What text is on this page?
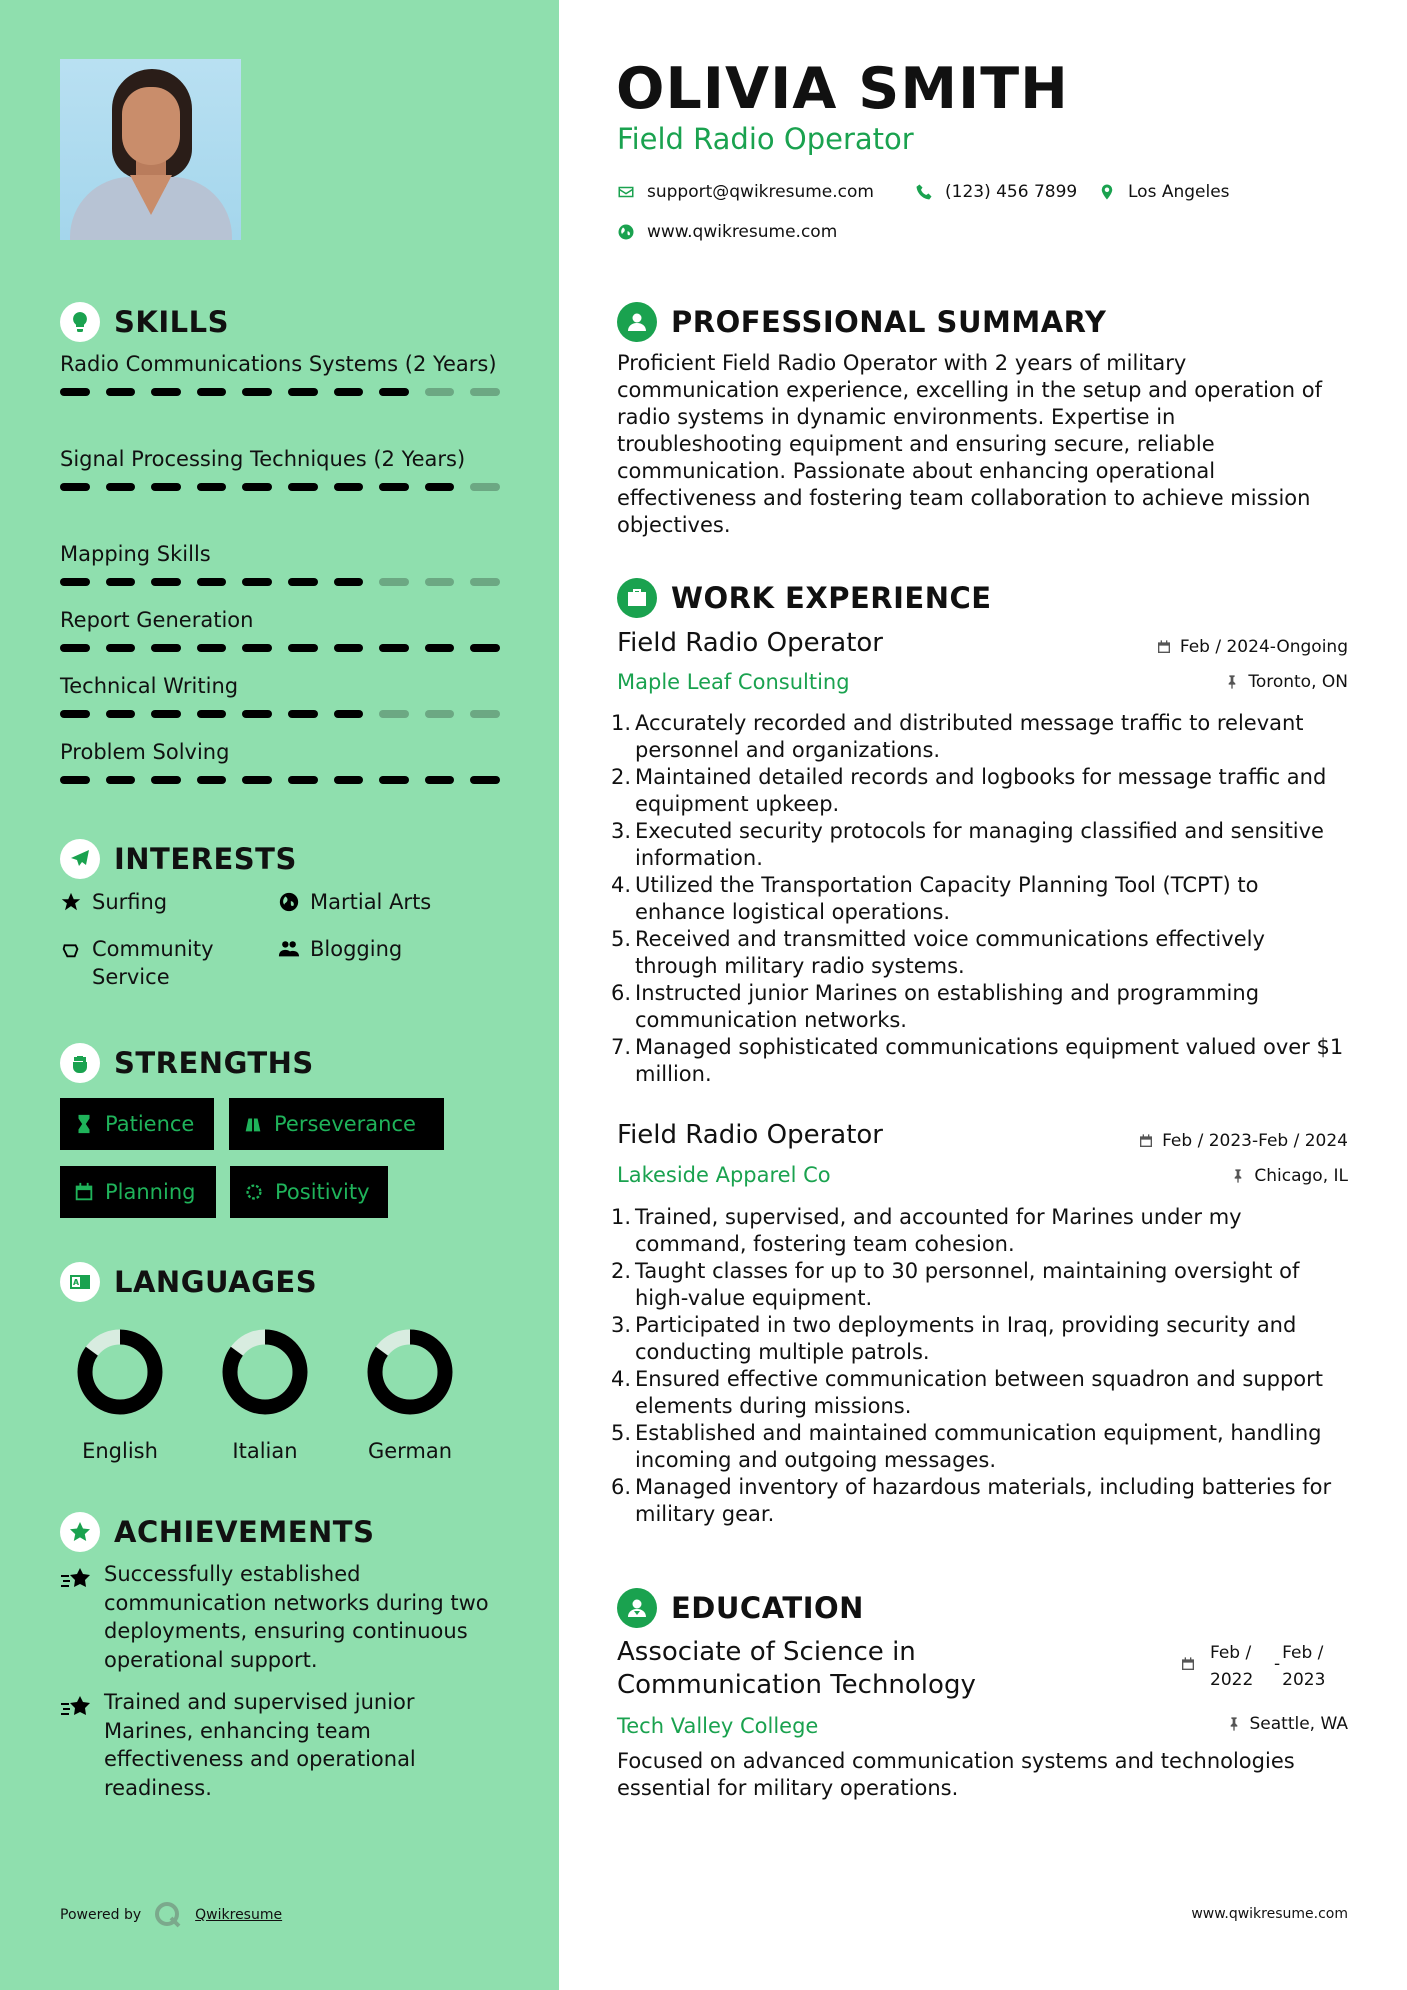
SKILLS
Radio Communications Systems (2 Years)
Signal Processing Techniques (2 Years)
Mapping Skills
Report Generation
Technical Writing
Problem Solving
INTERESTS
Surfing	Martial Arts
Community Service
Blogging
STRENGTHS
Patience	Perseverance
Planning	Positivity
LANGUAGES
English	Italian	German
ACHIEVEMENTS

Successfully established communication networks during two deployments, ensuring continuous operational support.

Trained and supervised junior Marines, enhancing team effectiveness and operational readiness.

Powered by	Qwikresume
OLIVIA SMITH
Field Radio Operator
support@qwikresume.com	(123) 456 7899	Los Angeles
www.qwikresume.com
PROFESSIONAL SUMMARY

Proficient Field Radio Operator with 2 years of military communication experience, excelling in the setup and operation of radio systems in dynamic environments. Expertise in troubleshooting equipment and ensuring secure, reliable communication. Passionate about enhancing operational effectiveness and fostering team collaboration to achieve mission objectives.

WORK EXPERIENCE
Field Radio Operator
Maple Leaf Consulting
Feb / 2024-Ongoing
Toronto, ON
1. Accurately recorded and distributed message traffic to relevant personnel and organizations.
2. Maintained detailed records and logbooks for message traffic and equipment upkeep.
3. Executed security protocols for managing classified and sensitive information.
4. Utilized the Transportation Capacity Planning Tool (TCPT) to enhance logistical operations.
5. Received and transmitted voice communications effectively through military radio systems.
6. Instructed junior Marines on establishing and programming communication networks.
7. Managed sophisticated communications equipment valued over $1 million.
Field Radio Operator
Lakeside Apparel Co
Feb / 2023-Feb / 2024
Chicago, IL
1. Trained, supervised, and accounted for Marines under my command, fostering team cohesion.
2. Taught classes for up to 30 personnel, maintaining oversight of high-value equipment.
3. Participated in two deployments in Iraq, providing security and conducting multiple patrols.
4. Ensured effective communication between squadron and support elements during missions.
5. Established and maintained communication equipment, handling incoming and outgoing messages.
6. Managed inventory of hazardous materials, including batteries for military gear.
EDUCATION
Associate of Science in Communication Technology
Tech Valley College
Feb / 2022
-
Feb / 2023
Seattle, WA

Focused on advanced communication systems and technologies essential for military operations.

www.qwikresume.com
